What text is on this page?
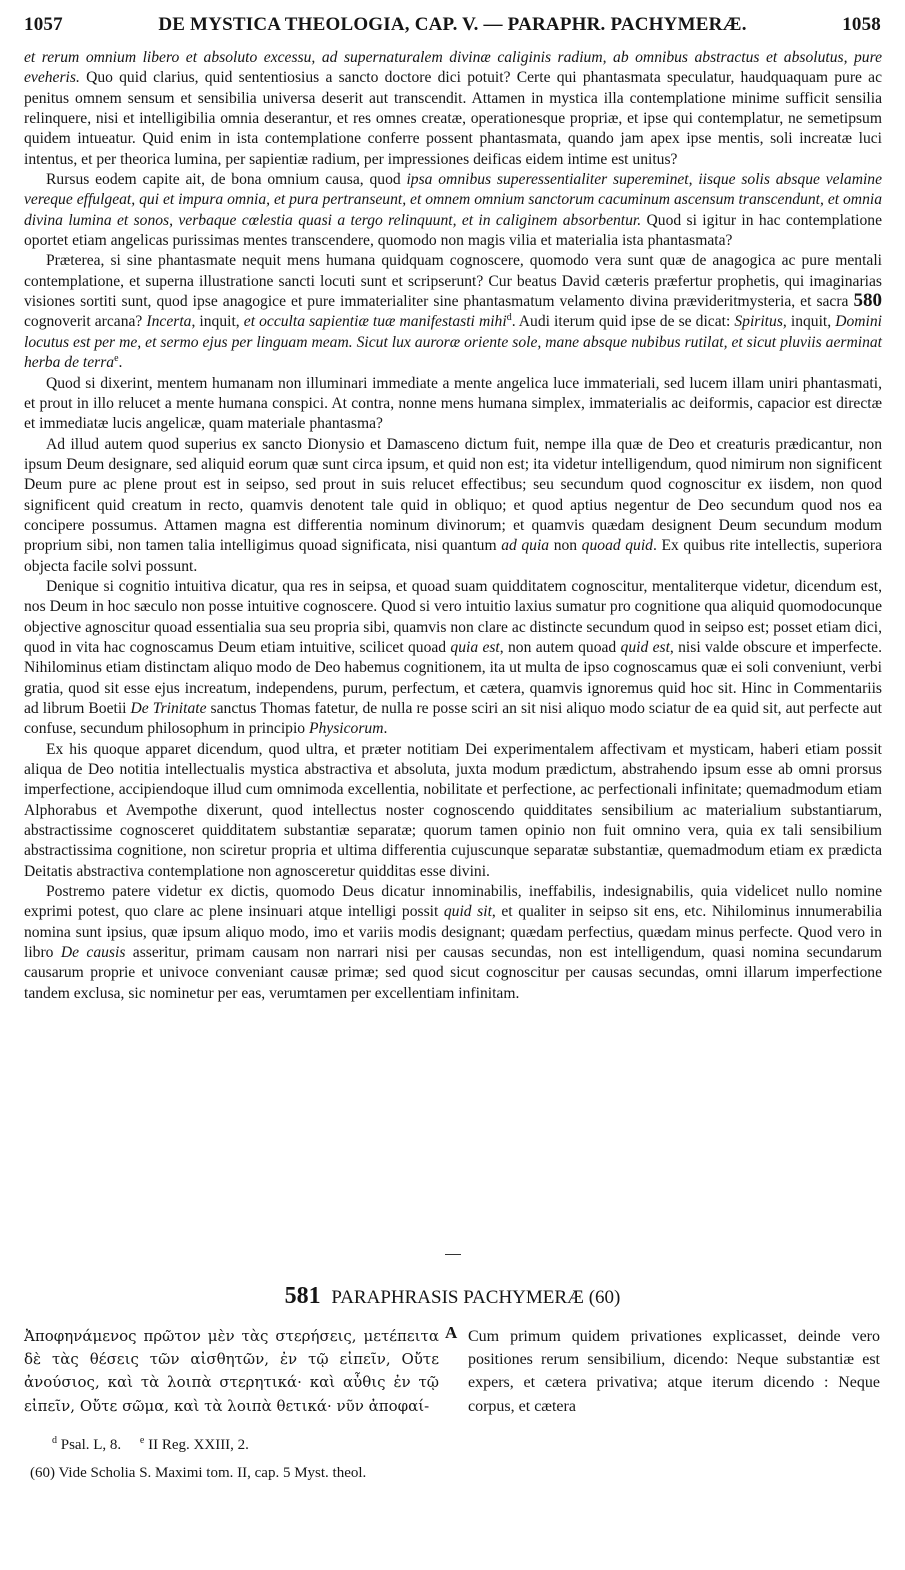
1057	DE MYSTICA THEOLOGIA, CAP. V. — PARAPHR. PACHYMERÆ.	1058

et rerum omnium libero et absoluto excessu, ad supernaturalem divinæ caliginis radium, ab omnibus abstractus et absolutus, pure eveheris. Quo quid clarius, quid sententiosius a sancto doctore dici potuit? Certe qui phantasmata speculatur, haudquaquam pure ac penitus omnem sensum et sensibilia universa deserit aut transcendit. Attamen in mystica illa contemplatione minime sufficit sensilia relinquere, nisi et intelligibilia omnia deserantur, et res omnes creatæ, operationesque propriæ, et ipse qui contemplatur, ne semetipsum quidem intueatur. Quid enim in ista contemplatione conferre possent phantasmata, quando jam apex ipse mentis, soli increatæ luci intentus, et per theorica lumina, per sapientiæ radium, per impressiones deificas eidem intime est unitus?

Rursus eodem capite ait, de bona omnium causa, quod ipsa omnibus superessentialiter supereminet, iisque solis absque velamine vereque effulgeat, qui et impura omnia, et pura pertranseunt, et omnem omnium sanctorum cacuminum ascensum transcendunt, et omnia divina lumina et sonos, verbaque cœlestia quasi a tergo relinquunt, et in caliginem absorbentur. Quod si igitur in hac contemplatione oportet etiam angelicas purissimas mentes transcendere, quomodo non magis vilia et materialia ista phantasmata?

Præterea, si sine phantasmate nequit mens humana quidquam cognoscere, quomodo vera sunt quæ de anagogica ac pure mentali contemplatione, et superna illustratione sancti locuti sunt et scripserunt? Cur beatus David cæteris præfertur prophetis, qui imaginarias visiones sortiti sunt, quod ipse anagogice et pure immaterialiter sine phantasmatum velamento divina prævideritmysteria, et sacra 580 cognoverit arcana? Incerta, inquit, et occulta sapientiæ tuæ manifestasti mihi$^d$. Audi iterum quid ipse de se dicat: Spiritus, inquit, Domini locutus est per me, et sermo ejus per linguam meam. Sicut lux auroræ oriente sole, mane absque nubibus rutilat, et sicut pluviis aerminat herba de terra$^e$.

Quod si dixerint, mentem humanam non illuminari immediate a mente angelica luce immateriali, sed lucem illam uniri phantasmati, et prout in illo relucet a mente humana conspici. At contra, nonne mens humana simplex, immaterialis ac deiformis, capacior est directæ et immediatæ lucis angelicæ, quam materiale phantasma?

Ad illud autem quod superius ex sancto Dionysio et Damasceno dictum fuit, nempe illa quæ de Deo et creaturis prædicantur, non ipsum Deum designare, sed aliquid eorum quæ sunt circa ipsum, et quid non est; ita videtur intelligendum, quod nimirum non significent Deum pure ac plene prout est in seipso, sed prout in suis relucet effectibus; seu secundum quod cognoscitur ex iisdem, non quod significent quid creatum in recto, quamvis denotent tale quid in obliquo; et quod aptius negentur de Deo secundum quod nos ea concipere possumus. Attamen magna est differentia nominum divinorum; et quamvis quædam designent Deum secundum modum proprium sibi, non tamen talia intelligimus quoad significata, nisi quantum ad quia non quoad quid. Ex quibus rite intellectis, superiora objecta facile solvi possunt.

Denique si cognitio intuitiva dicatur, qua res in seipsa, et quoad suam quidditatem cognoscitur, mentaliterque videtur, dicendum est, nos Deum in hoc sæculo non posse intuitive cognoscere. Quod si vero intuitio laxius sumatur pro cognitione qua aliquid quomodocunque objective agnoscitur quoad essentialia sua seu propria sibi, quamvis non clare ac distincte secundum quod in seipso est; posset etiam dici, quod in vita hac cognoscamus Deum etiam intuitive, scilicet quoad quia est, non autem quoad quid est, nisi valde obscure et imperfecte. Nihilominus etiam distinctam aliquo modo de Deo habemus cognitionem, ita ut multa de ipso cognoscamus quæ ei soli conveniunt, verbi gratia, quod sit esse ejus increatum, independens, purum, perfectum, et cætera, quamvis ignoremus quid hoc sit. Hinc in Commentariis ad librum Boetii De Trinitate sanctus Thomas fatetur, de nulla re posse sciri an sit nisi aliquo modo sciatur de ea quid sit, aut perfecte aut confuse, secundum philosophum in principio Physicorum.

Ex his quoque apparet dicendum, quod ultra, et præter notitiam Dei experimentalem affectivam et mysticam, haberi etiam possit aliqua de Deo notitia intellectualis mystica abstractiva et absoluta, juxta modum prædictum, abstrahendo ipsum esse ab omni prorsus imperfectione, accipiendoque illud cum omnimoda excellentia, nobilitate et perfectione, ac perfectionali infinitate; quemadmodum etiam Alphorabus et Avempothe dixerunt, quod intellectus noster cognoscendo quidditates sensibilium ac materialium substantiarum, abstractissime cognosceret quidditatem substantiæ separatæ; quorum tamen opinio non fuit omnino vera, quia ex tali sensibilium abstractissima cognitione, non sciretur propria et ultima differentia cujuscunque separatæ substantiæ, quemadmodum etiam ex prædicta Deitatis abstractiva contemplatione non agnosceretur quidditas esse divini.

Postremo patere videtur ex dictis, quomodo Deus dicatur innominabilis, ineffabilis, indesignabilis, quia videlicet nullo nomine exprimi potest, quo clare ac plene insinuari atque intelligi possit quid sit, et qualiter in seipso sit ens, etc. Nihilominus innumerabilia nomina sunt ipsius, quæ ipsum aliquo modo, imo et variis modis designant; quædam perfectius, quædam minus perfecte. Quod vero in libro De causis asseritur, primam causam non narrari nisi per causas secundas, non est intelligendum, quasi nomina secundarum causarum proprie et univoce conveniant causæ primæ; sed quod sicut cognoscitur per causas secundas, omni illarum imperfectione tandem exclusa, sic nominetur per eas, verumtamen per excellentiam infinitam.

581 PARAPHRASIS PACHYMERÆ (60)
Ἀποφηνάμενος πρῶτον μὲν τὰς στερήσεις, μετέπειτα δὲ τὰς θέσεις τῶν αἰσθητῶν, ἐν τῷ εἰπεῖν, Οὔτε ἀνούσιος, καὶ τὰ λοιπὰ στερητικά· καὶ αὖθις ἐν τῷ εἰπεῖν, Οὔτε σῶμα, καὶ τὰ λοιπὰ θετικά· νῦν ἀποφαί-
A Cum primum quidem privationes explicasset, deinde vero positiones rerum sensibilium, dicendo: Neque substantiæ est expers, et cætera privativa; atque iterum dicendo : Neque corpus, et cætera
$^d$ Psal. L, 8. $^e$ II Reg. XXIII, 2.
(60) Vide Scholia S. Maximi tom. II, cap. 5 Myst. theol.
